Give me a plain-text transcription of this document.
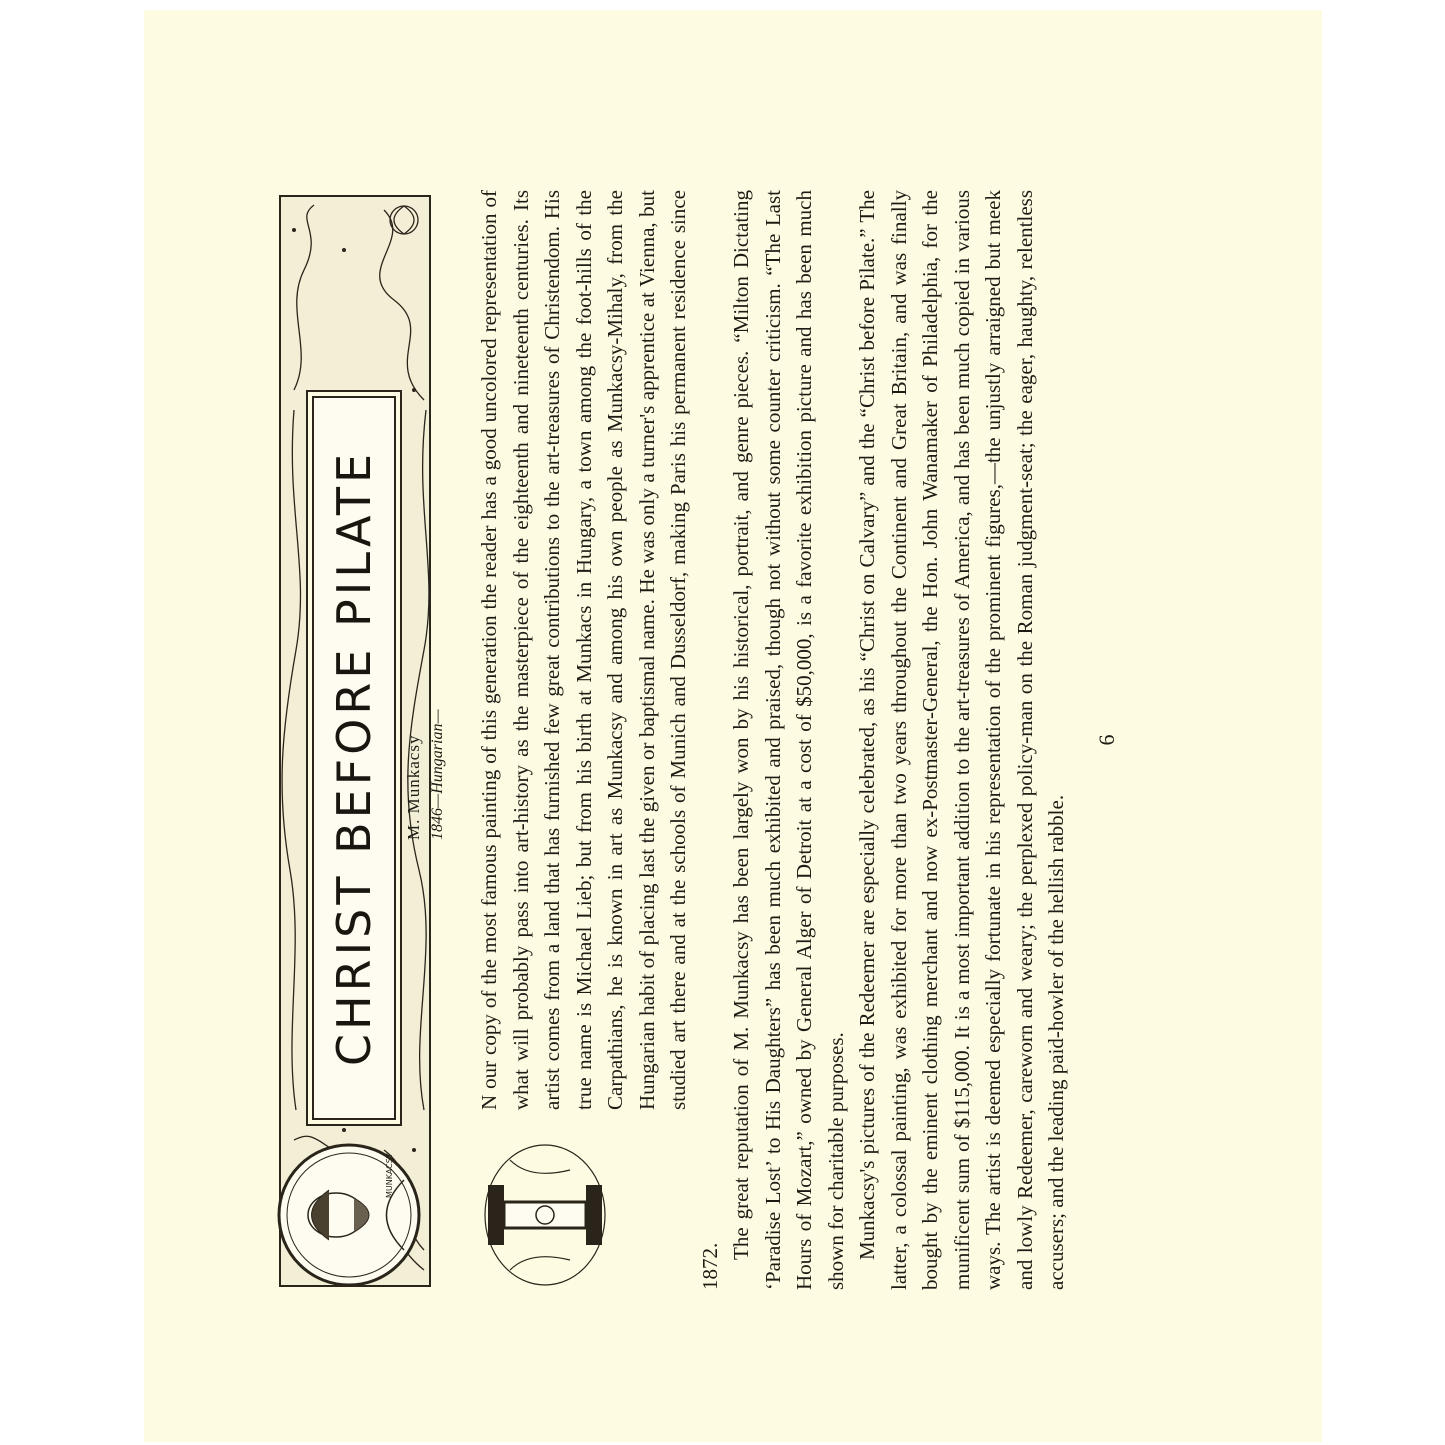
CHRIST BEFORE PILATE
MUNKACSY
M. Munkacsy 1846—Hungarian—
I

N our copy of the most famous painting of this generation the reader has a good uncolored representation of what will probably pass into art-history as the masterpiece of the eighteenth and nineteenth centuries. Its artist comes from a land that has furnished few great contributions to the art-treasures of Christendom. His true name is Michael Lieb; but from his birth at Munkacs in Hungary, a town among the foot-hills of the Carpathians, he is known in art as Munkacsy and among his own people as Munkacsy-Mihaly, from the Hungarian habit of placing last the given or baptismal name. He was only a turner's apprentice at Vienna, but studied art there and at the schools of Munich and Dusseldorf, making Paris his permanent residence since 1872.

The great reputation of M. Munkacsy has been largely won by his historical, portrait, and genre pieces. “Milton Dictating ‘Paradise Lost’ to His Daughters” has been much exhibited and praised, though not without some counter criticism. “The Last Hours of Mozart,” owned by General Alger of Detroit at a cost of $50,000, is a favorite exhibition picture and has been much shown for charitable purposes. Munkacsy's pictures of the Redeemer are especially celebrated, as his “Christ on Calvary” and the “Christ before Pilate.” The latter, a colossal painting, was exhibited for more than two years throughout the Continent and Great Britain, and was finally bought by the eminent clothing merchant and now ex-Postmaster-General, the Hon. John Wanamaker of Philadelphia, for the munificent sum of $115,000. It is a most important addition to the art-treasures of America, and has been much copied in various ways. The artist is deemed especially fortunate in his representation of the prominent figures,—the unjustly arraigned but meek and lowly Redeemer, careworn and weary; the perplexed policy-man on the Roman judgment-seat; the eager, haughty, relentless accusers; and the leading paid-howler of the hellish rabble.

6
